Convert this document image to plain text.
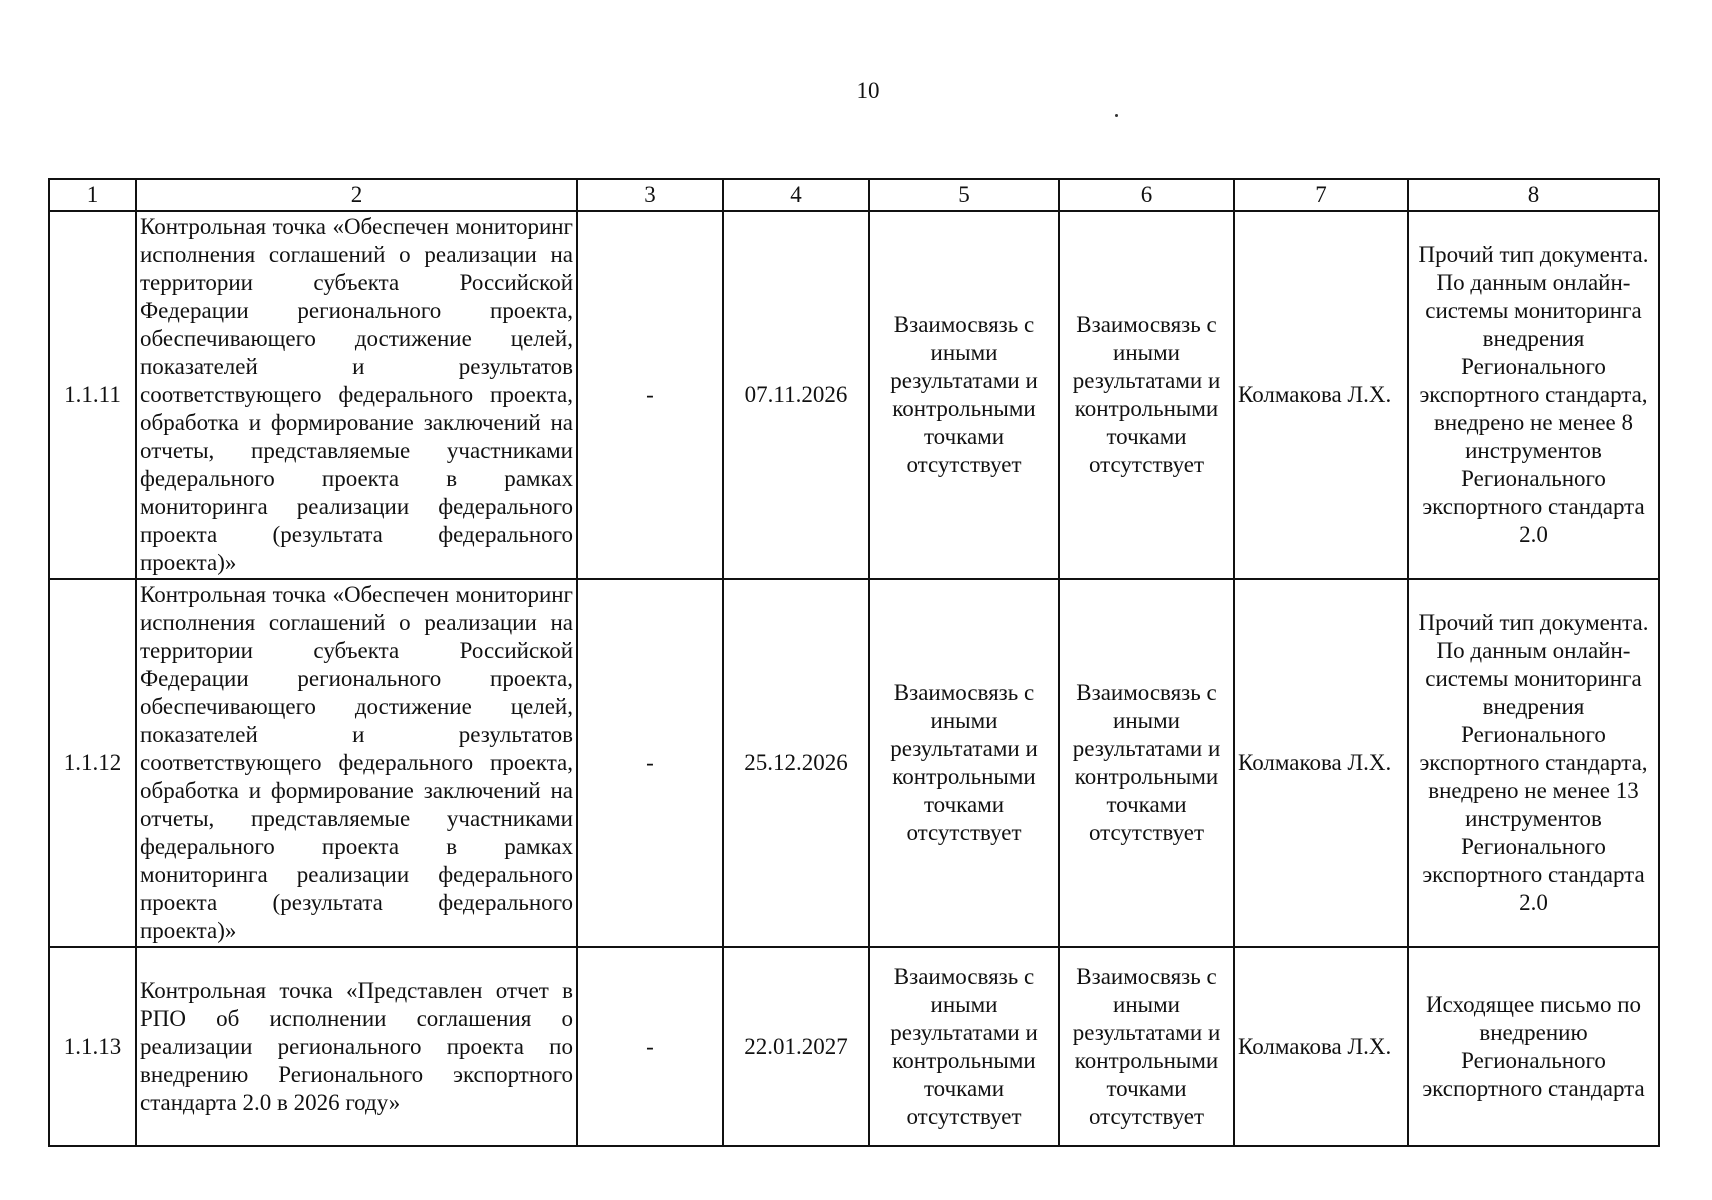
10
1	2	3	4	5	6	7	8
1.1.11	Контрольная точка «Обеспечен мониторинг исполнения соглашений о реализации на территории субъекта Российской Федерации регионального проекта, обеспечивающего достижение целей, показателей и результатов соответствующего федерального проекта, обработка и формирование заключений на отчеты, представляемые участниками федерального проекта в рамках мониторинга реализации федерального проекта (результата федерального проекта)»	-	07.11.2026	Взаимосвязь с иными результатами и контрольными точками отсутствует	Взаимосвязь с иными результатами и контрольными точками отсутствует	Колмакова Л.Х.	Прочий тип документа. По данным онлайн-системы мониторинга внедрения Регионального экспортного стандарта, внедрено не менее 8 инструментов Регионального экспортного стандарта 2.0
1.1.12	Контрольная точка «Обеспечен мониторинг исполнения соглашений о реализации на территории субъекта Российской Федерации регионального проекта, обеспечивающего достижение целей, показателей и результатов соответствующего федерального проекта, обработка и формирование заключений на отчеты, представляемые участниками федерального проекта в рамках мониторинга реализации федерального проекта (результата федерального проекта)»	-	25.12.2026	Взаимосвязь с иными результатами и контрольными точками отсутствует	Взаимосвязь с иными результатами и контрольными точками отсутствует	Колмакова Л.Х.	Прочий тип документа. По данным онлайн-системы мониторинга внедрения Регионального экспортного стандарта, внедрено не менее 13 инструментов Регионального экспортного стандарта 2.0
1.1.13	Контрольная точка «Представлен отчет в РПО об исполнении соглашения о реализации регионального проекта по внедрению Регионального экспортного стандарта 2.0 в 2026 году»	-	22.01.2027	Взаимосвязь с иными результатами и контрольными точками отсутствует	Взаимосвязь с иными результатами и контрольными точками отсутствует	Колмакова Л.Х.	Исходящее письмо по внедрению Регионального экспортного стандарта
